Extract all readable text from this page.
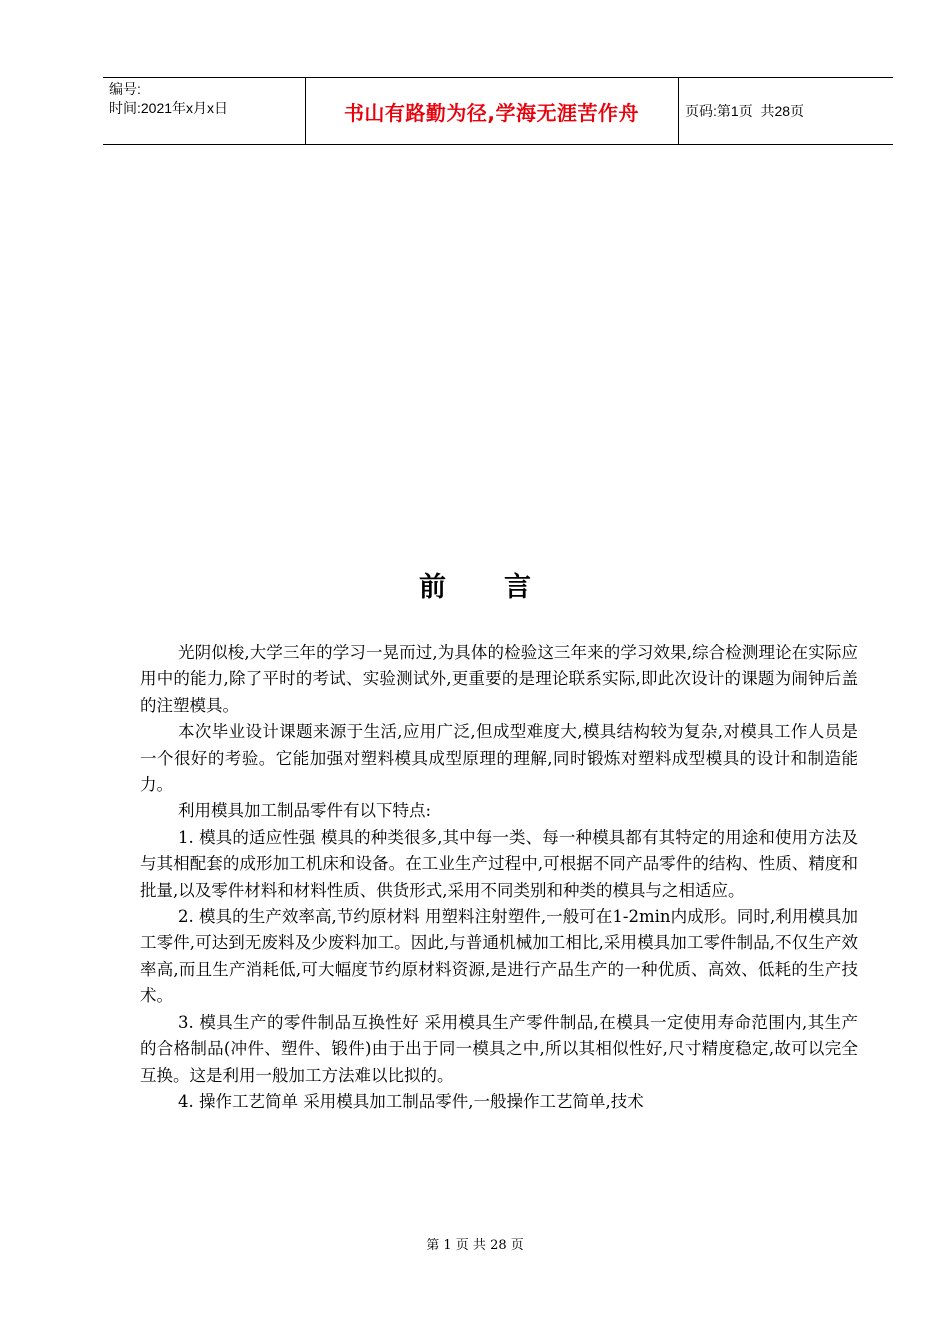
编号:
时间:2021年x月x日	书山有路勤为径,学海无涯苦作舟	页码:第 1 页  共 28 页
前 言

光阴似梭,大学三年的学习一晃而过,为具体的检验这三年来的学习效果,综合检测理论在实际应用中的能力,除了平时的考试、实验测试外,更重要的是理论联系实际,即此次设计的课题为闹钟后盖的注塑模具。

本次毕业设计课题来源于生活,应用广泛,但成型难度大,模具结构较为复杂,对模具工作人员是一个很好的考验。它能加强对塑料模具成型原理的理解,同时锻炼对塑料成型模具的设计和制造能力。

利用模具加工制品零件有以下特点:

1. 模具的适应性强 模具的种类很多,其中每一类、每一种模具都有其特定的用途和使用方法及与其相配套的成形加工机床和设备。在工业生产过程中,可根据不同产品零件的结构、性质、精度和批量,以及零件材料和材料性质、供货形式,采用不同类别和种类的模具与之相适应。

2. 模具的生产效率高,节约原材料 用塑料注射塑件,一般可在1-2min内成形。同时,利用模具加工零件,可达到无废料及少废料加工。因此,与普通机械加工相比,采用模具加工零件制品,不仅生产效率高,而且生产消耗低,可大幅度节约原材料资源,是进行产品生产的一种优质、高效、低耗的生产技术。

3. 模具生产的零件制品互换性好 采用模具生产零件制品,在模具一定使用寿命范围内,其生产的合格制品(冲件、塑件、锻件)由于出于同一模具之中,所以其相似性好,尺寸精度稳定,故可以完全互换。这是利用一般加工方法难以比拟的。

4. 操作工艺简单 采用模具加工制品零件,一般操作工艺简单,技术

第 1 页 共 28 页
